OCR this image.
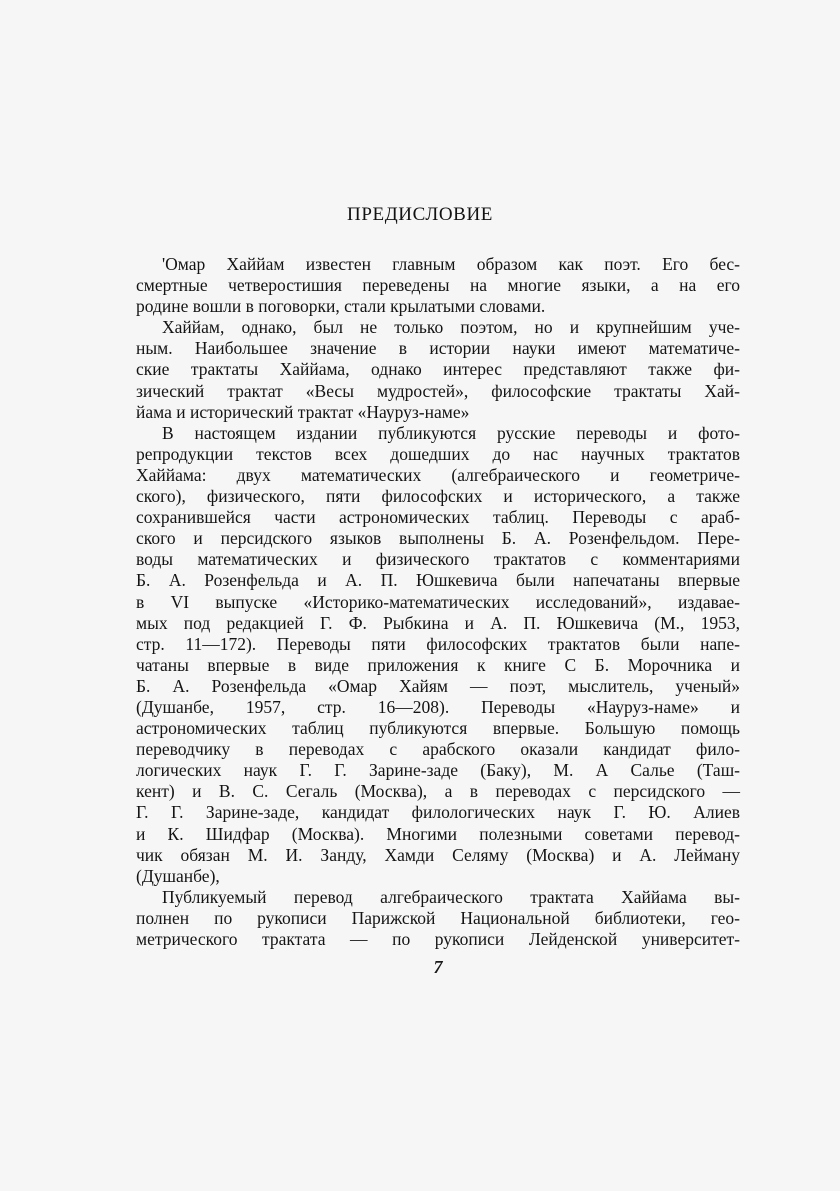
ПРЕДИСЛОВИЕ
'Омар Хаййам известен главным образом как поэт. Его бес-
смертные четверостишия переведены на многие языки, а на его
родине вошли в поговорки, стали крылатыми словами.
Хаййам, однако, был не только поэтом, но и крупнейшим уче-
ным. Наибольшее значение в истории науки имеют математиче-
ские трактаты Хаййама, однако интерес представляют также фи-
зический трактат «Весы мудростей», философские трактаты Хай-
йама и исторический трактат «Науруз-наме»
В настоящем издании публикуются русские переводы и фото-
репродукции текстов всех дошедших до нас научных трактатов
Хаййама: двух математических (алгебраического и геометриче-
ского), физического, пяти философских и исторического, а также
сохранившейся части астрономических таблиц. Переводы с араб-
ского и персидского языков выполнены Б. А. Розенфельдом. Пере-
воды математических и физического трактатов с комментариями
Б. А. Розенфельда и А. П. Юшкевича были напечатаны впервые
в VI выпуске «Историко-математических исследований», издавае-
мых под редакцией Г. Ф. Рыбкина и А. П. Юшкевича (М., 1953,
стр. 11—172). Переводы пяти философских трактатов были напе-
чатаны впервые в виде приложения к книге С Б. Морочника и
Б. А. Розенфельда «Омар Хайям — поэт, мыслитель, ученый»
(Душанбе, 1957, стр. 16—208). Переводы «Науруз-наме» и
астрономических таблиц публикуются впервые. Большую помощь
переводчику в переводах с арабского оказали кандидат фило-
логических наук Г. Г. Зарине-заде (Баку), М. А Салье (Таш-
кент) и В. С. Сегаль (Москва), а в переводах с персидского —
Г. Г. Зарине-заде, кандидат филологических наук Г. Ю. Алиев
и К. Шидфар (Москва). Многими полезными советами перевод-
чик обязан М. И. Занду, Хамди Селяму (Москва) и А. Лейману
(Душанбе),
Публикуемый перевод алгебраического трактата Хаййама вы-
полнен по рукописи Парижской Национальной библиотеки, гео-
метрического трактата — по рукописи Лейденской университет-
7
